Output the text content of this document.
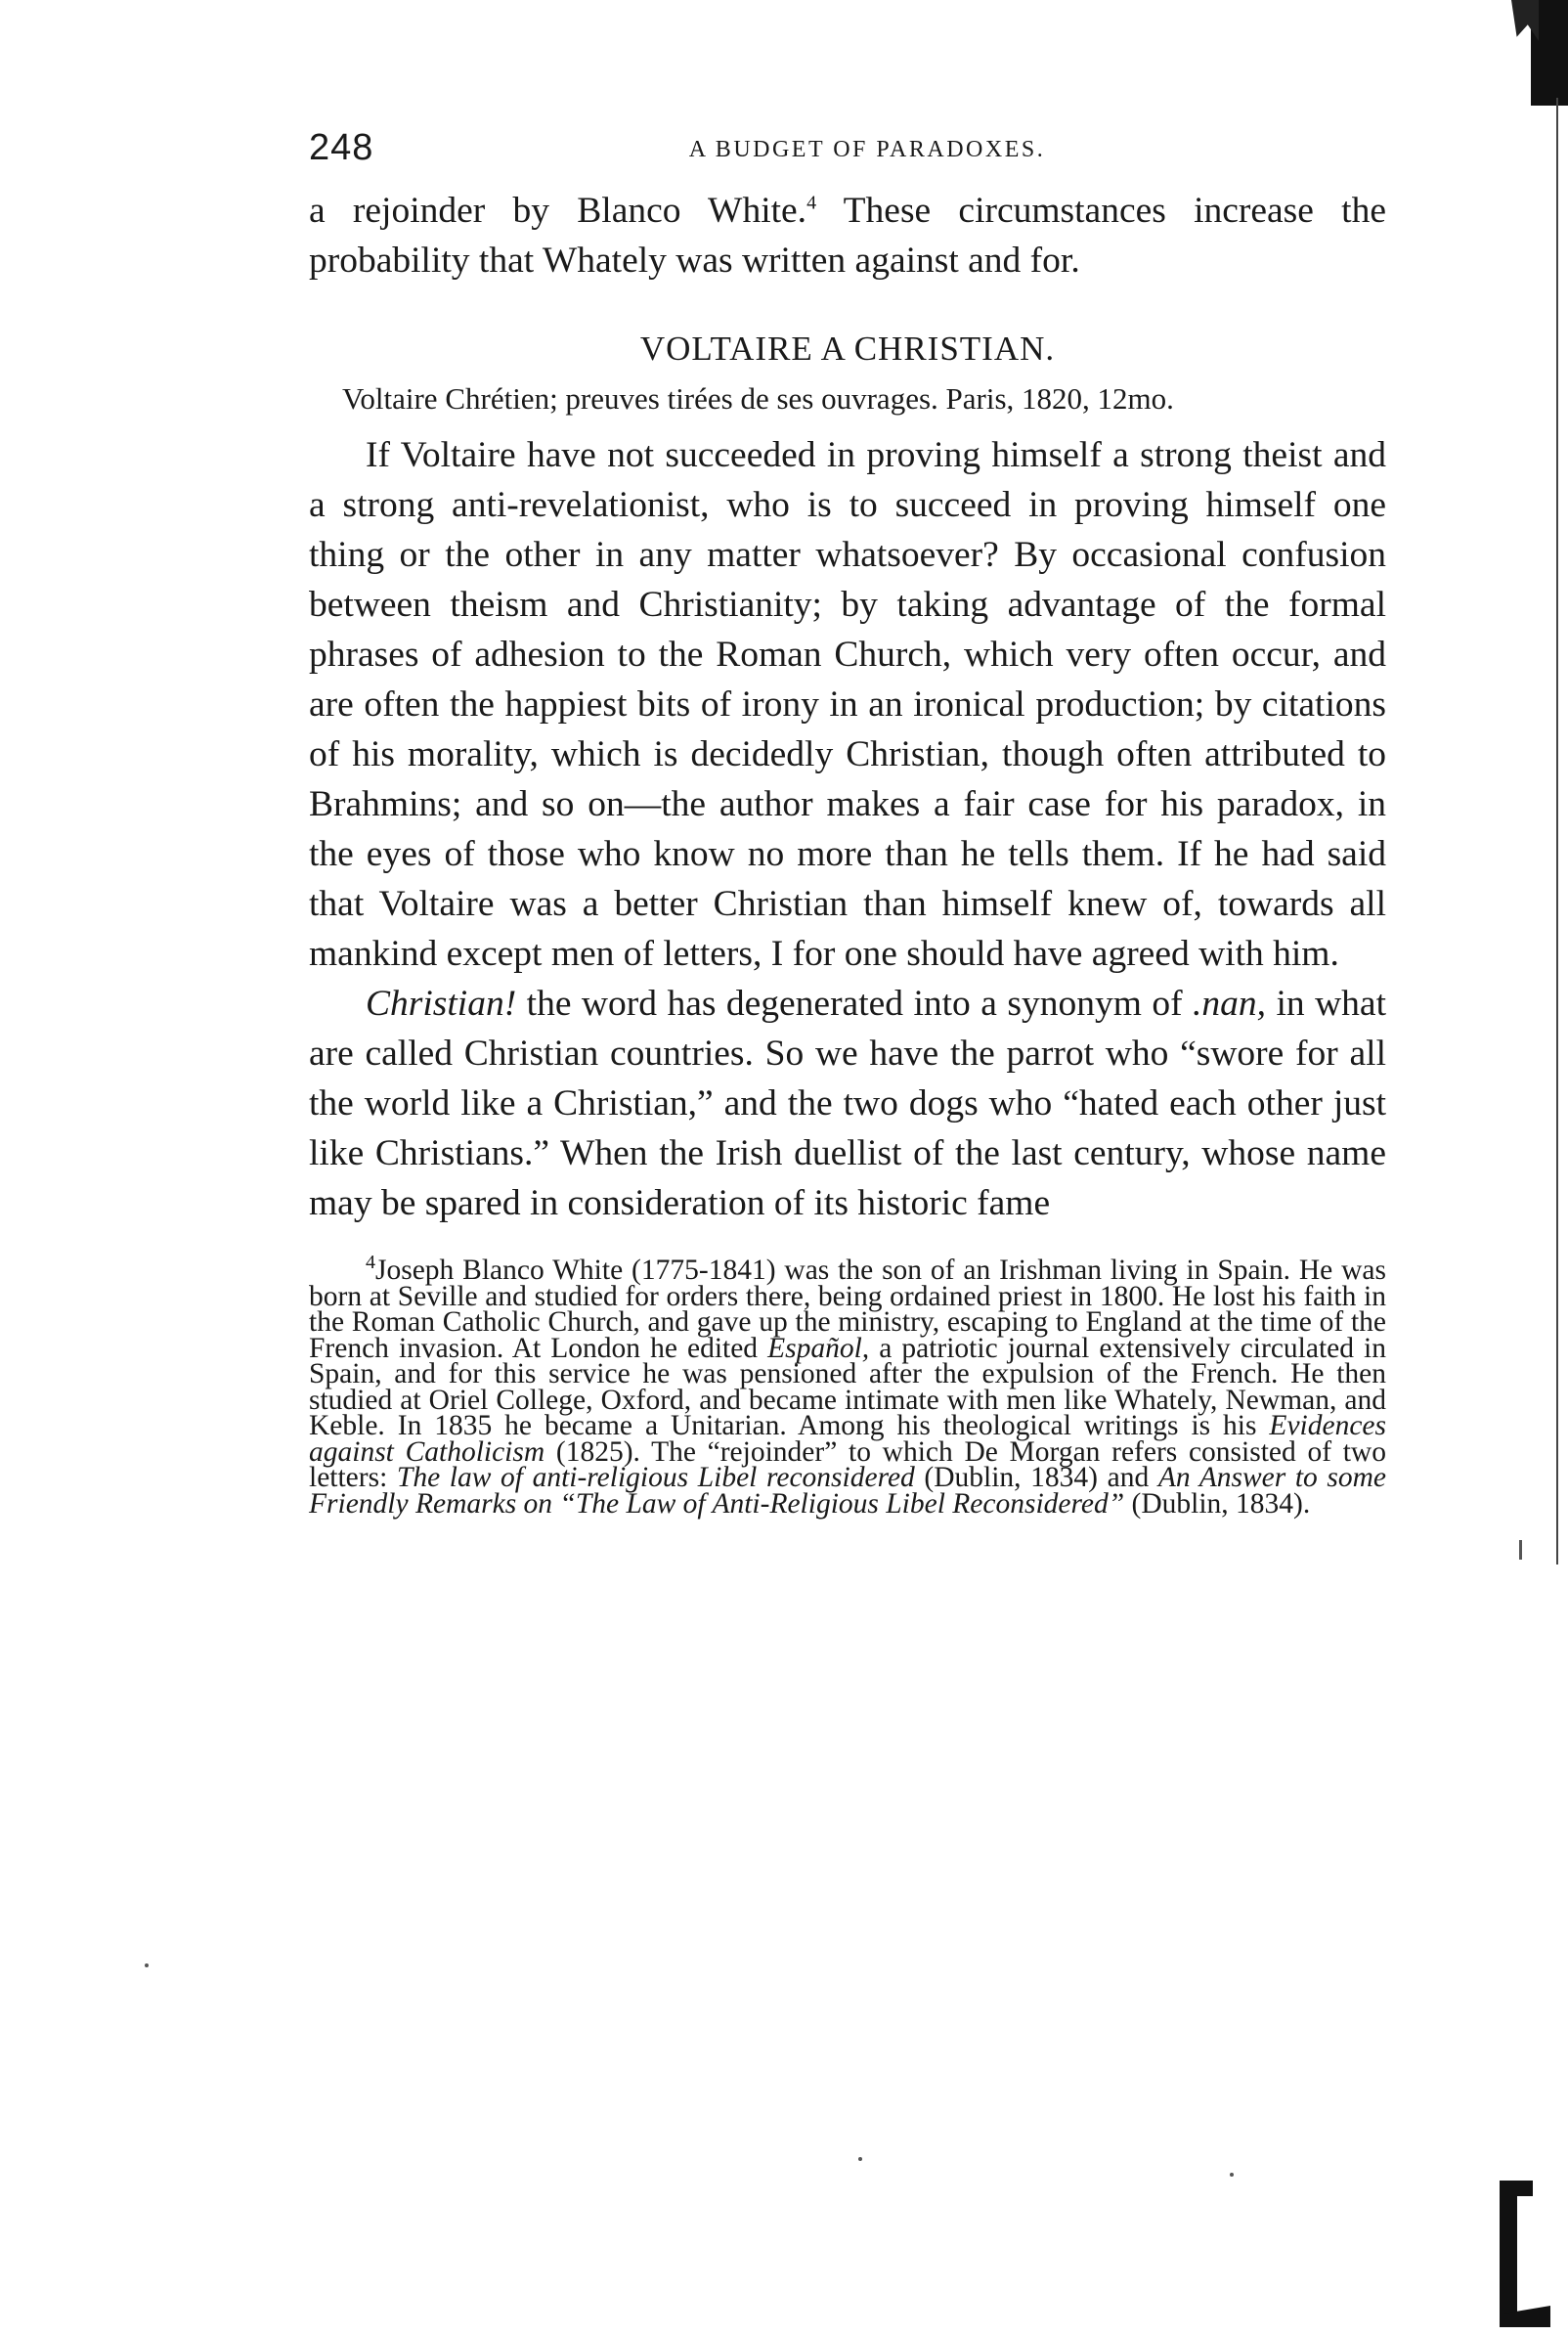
248	A BUDGET OF PARADOXES.

a rejoinder by Blanco White.$^4$ These circumstances increase the probability that Whately was written against and for.

VOLTAIRE A CHRISTIAN.
Voltaire Chrétien; preuves tirées de ses ouvrages. Paris, 1820, 12mo.

If Voltaire have not succeeded in proving himself a strong theist and a strong anti-revelationist, who is to succeed in proving himself one thing or the other in any matter whatsoever? By occasional confusion between theism and Christianity; by taking advantage of the formal phrases of adhesion to the Roman Church, which very often occur, and are often the happiest bits of irony in an ironical production; by citations of his morality, which is decidedly Christian, though often attributed to Brahmins; and so on—the author makes a fair case for his paradox, in the eyes of those who know no more than he tells them. If he had said that Voltaire was a better Christian than himself knew of, towards all mankind except men of letters, I for one should have agreed with him.

Christian! the word has degenerated into a synonym of .nan, in what are called Christian countries. So we have the parrot who “swore for all the world like a Christian,” and the two dogs who “hated each other just like Christians.” When the Irish duellist of the last century, whose name may be spared in consideration of its historic fame

$^4$Joseph Blanco White (1775-1841) was the son of an Irishman living in Spain. He was born at Seville and studied for orders there, being ordained priest in 1800. He lost his faith in the Roman Catholic Church, and gave up the ministry, escaping to England at the time of the French invasion. At London he edited Español, a patriotic journal extensively circulated in Spain, and for this service he was pensioned after the expulsion of the French. He then studied at Oriel College, Oxford, and became intimate with men like Whately, Newman, and Keble. In 1835 he became a Unitarian. Among his theological writings is his Evidences against Catholicism (1825). The “rejoinder” to which De Morgan refers consisted of two letters: The law of anti-religious Libel reconsidered (Dublin, 1834) and An Answer to some Friendly Remarks on “The Law of Anti-Religious Libel Reconsidered” (Dublin, 1834).
